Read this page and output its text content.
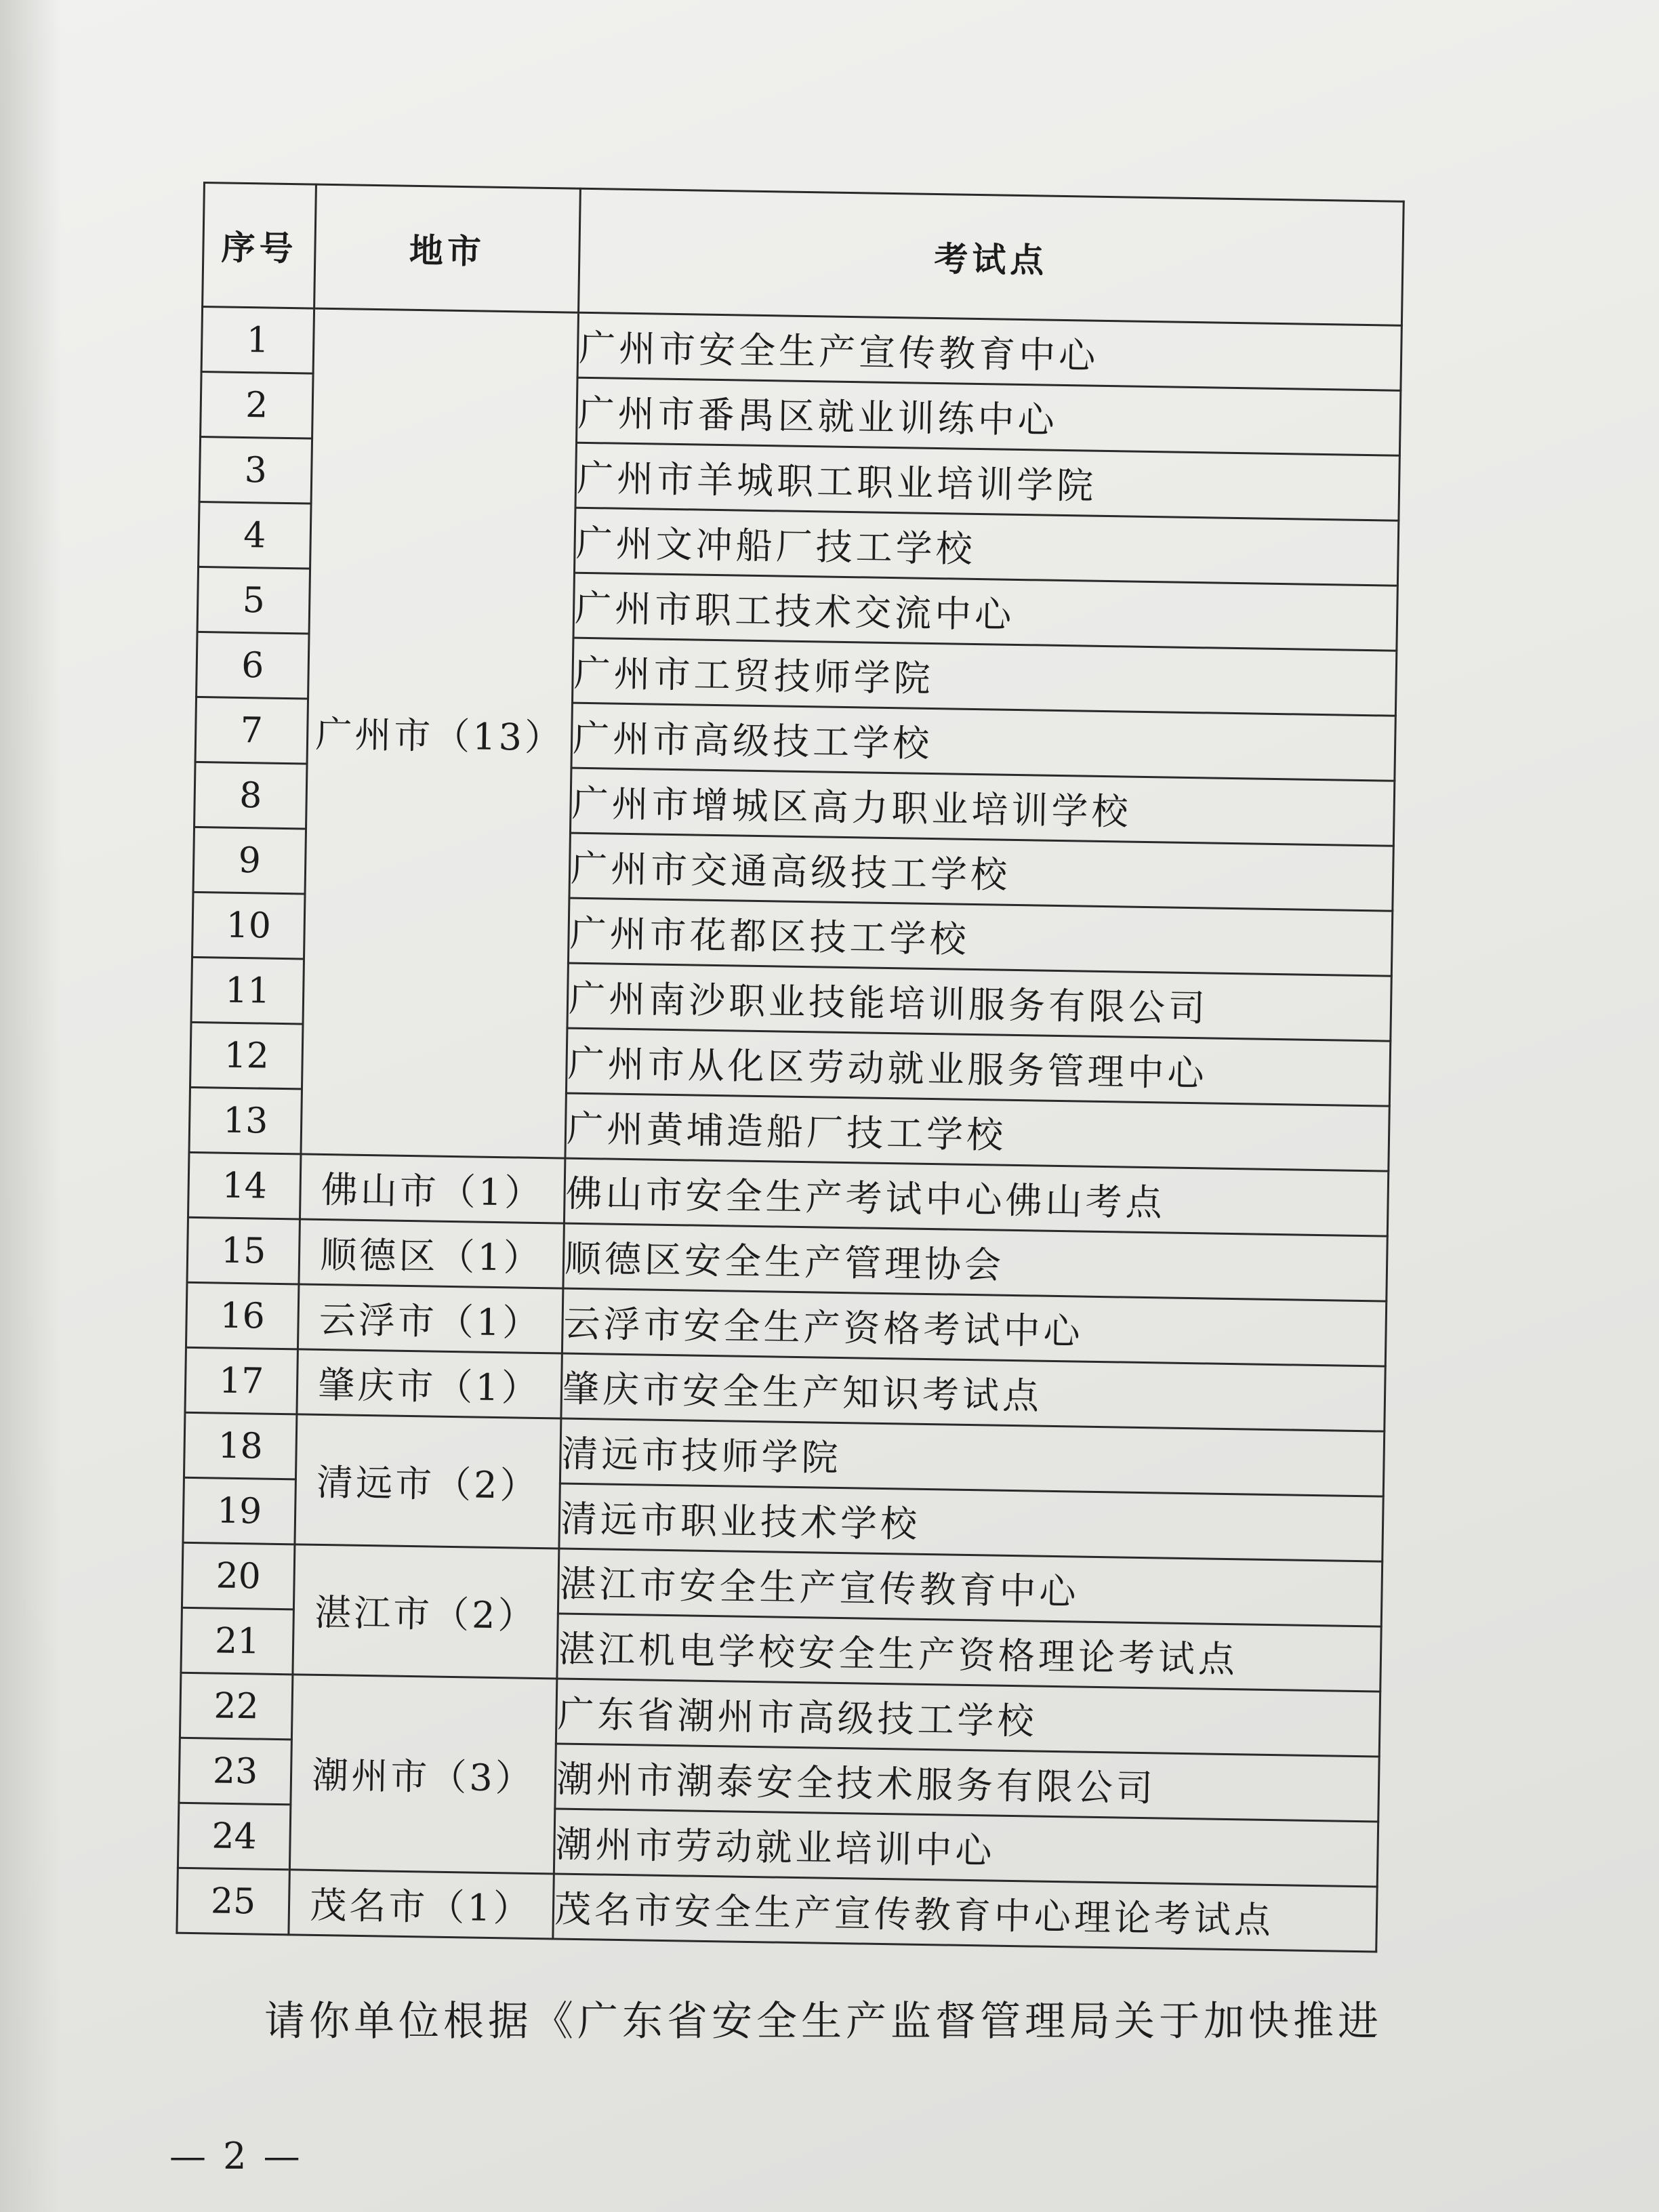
序号	地市	考试点
1	广州市（13）	广州市安全生产宣传教育中心
2		广州市番禺区就业训练中心
3		广州市羊城职工职业培训学院
4		广州文冲船厂技工学校
5		广州市职工技术交流中心
6		广州市工贸技师学院
7		广州市高级技工学校
8		广州市增城区高力职业培训学校
9		广州市交通高级技工学校
10		广州市花都区技工学校
11		广州南沙职业技能培训服务有限公司
12		广州市从化区劳动就业服务管理中心
13		广州黄埔造船厂技工学校
14	佛山市（1）	佛山市安全生产考试中心佛山考点
15	顺德区（1）	顺德区安全生产管理协会
16	云浮市（1）	云浮市安全生产资格考试中心
17	肇庆市（1）	肇庆市安全生产知识考试点
18	清远市（2）	清远市技师学院
19		清远市职业技术学校
20	湛江市（2）	湛江市安全生产宣传教育中心
21		湛江机电学校安全生产资格理论考试点
22	潮州市（3）	广东省潮州市高级技工学校
23		潮州市潮泰安全技术服务有限公司
24		潮州市劳动就业培训中心
25	茂名市（1）	茂名市安全生产宣传教育中心理论考试点
请你单位根据《广东省安全生产监督管理局关于加快推进
— 2 —
